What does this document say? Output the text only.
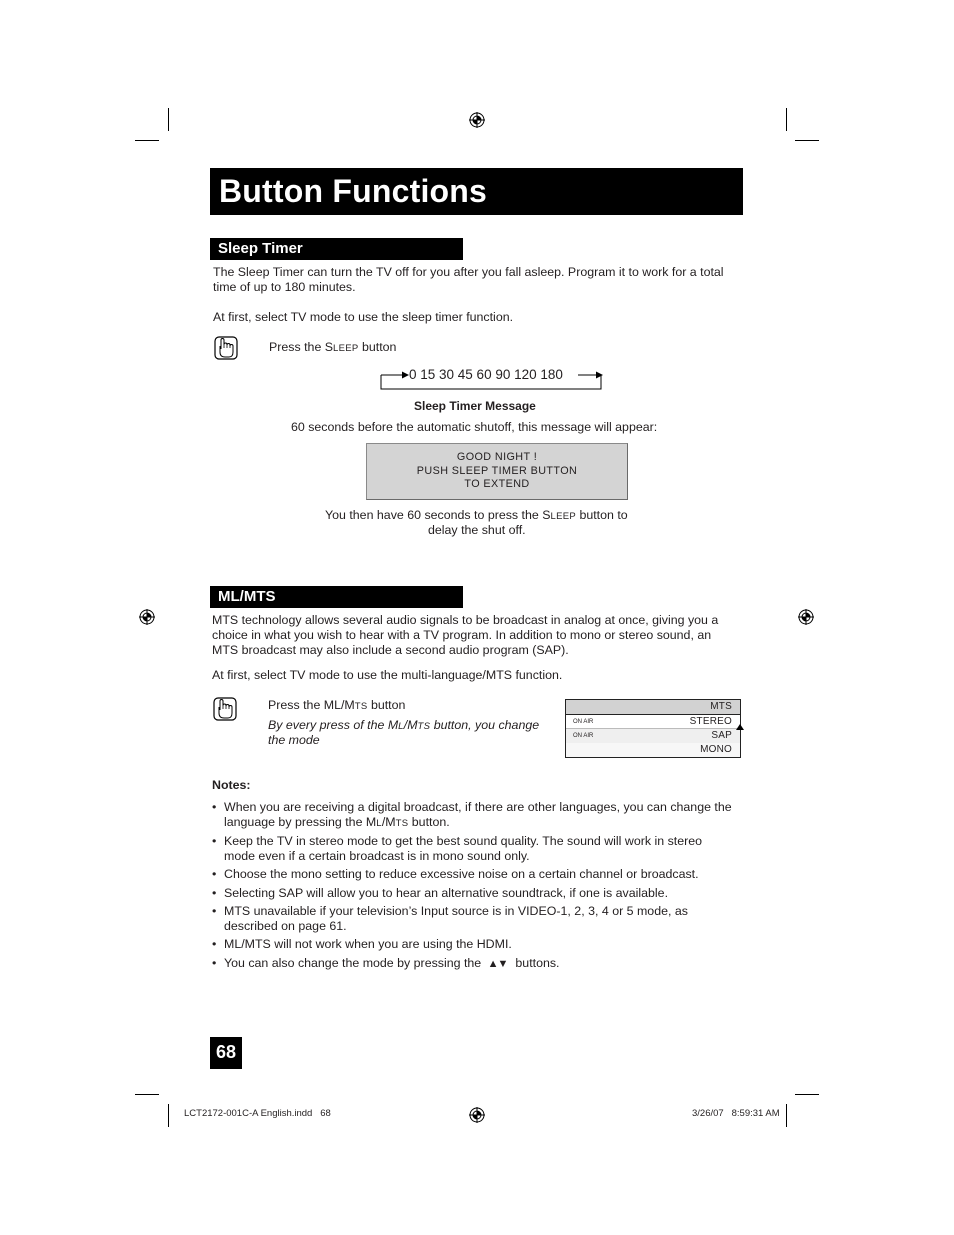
Button Functions
Sleep Timer
The Sleep Timer can turn the TV off for you after you fall asleep. Program it to work for a total
time of up to 180 minutes.
At first, select TV mode to use the sleep timer function.
Press the SLEEP button
0 15 30 45 60 90 120 180
Sleep Timer Message
60 seconds before the automatic shutoff, this message will appear:
GOOD NIGHT !
PUSH SLEEP TIMER BUTTON
TO EXTEND
You then have 60 seconds to press the SLEEP button to
delay the shut off.
ML/MTS
MTS technology allows several audio signals to be broadcast in analog at once, giving you a
choice in what you wish to hear with a TV program. In addition to mono or stereo sound, an
MTS broadcast may also include a second audio program (SAP).
At first, select TV mode to use the multi-language/MTS function.
Press the ML/MTS button
By every press of the ML/MTS button, you change
the mode
MTS
ON AIR	STEREO
ON AIR	SAP
MONO
Notes:
• When you are receiving a digital broadcast, if there are other languages, you can change the
language by pressing the ML/MTS button.
• Keep the TV in stereo mode to get the best sound quality. The sound will work in stereo
mode even if a certain broadcast is in mono sound only.
• Choose the mono setting to reduce excessive noise on a certain channel or broadcast.
• Selecting SAP will allow you to hear an alternative soundtrack, if one is available.
• MTS unavailable if your television’s Input source is in VIDEO-1, 2, 3, 4 or 5 mode, as
described on page 61.
• ML/MTS will not work when you are using the HDMI.
• You can also change the mode by pressing the ▲▼ buttons.
68
LCT2172-001C-A English.indd   68	3/26/07   8:59:31 AM
